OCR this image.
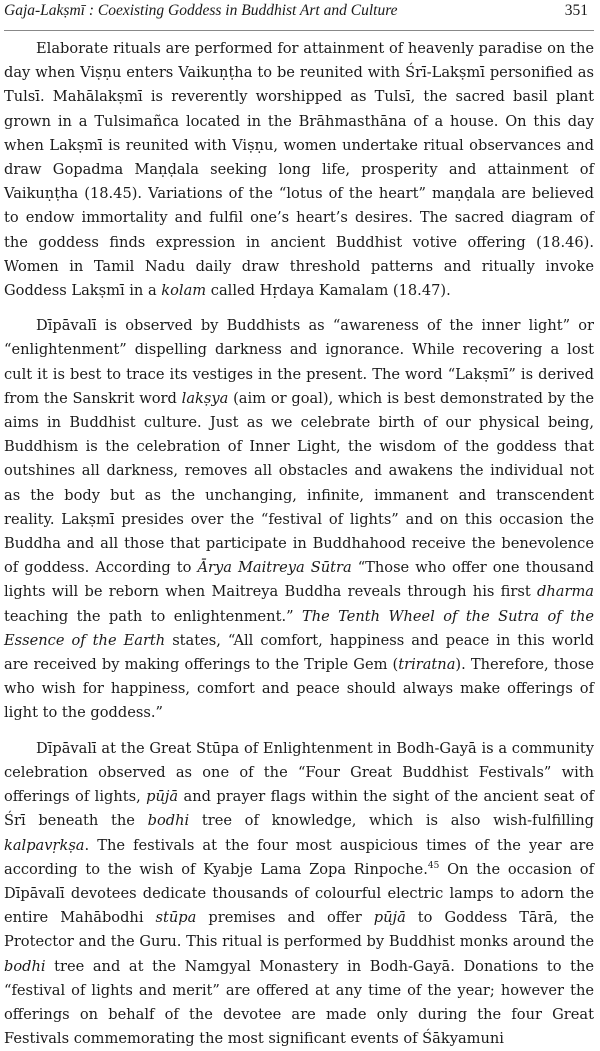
Gaja-Lakṣmī : Coexisting Goddess in Buddhist Art and Culture	351

Elaborate rituals are performed for attainment of heavenly paradise on the day when Viṣṇu enters Vaikuṇṭha to be reunited with Śrī-Lakṣmī personified as Tulsī. Mahālakṣmī is reverently worshipped as Tulsī, the sacred basil plant grown in a Tulsimañca located in the Brāhmasthāna of a house. On this day when Lakṣmī is reunited with Viṣṇu, women undertake ritual observances and draw Gopadma Maṇḍala seeking long life, prosperity and attainment of Vaikuṇṭha (18.45). Variations of the “lotus of the heart” maṇḍala are believed to endow immortality and fulfil one’s heart’s desires. The sacred diagram of the goddess finds expression in ancient Buddhist votive offering (18.46). Women in Tamil Nadu daily draw threshold patterns and ritually invoke Goddess Lakṣmī in a kolam called Hṛdaya Kamalam (18.47).

Dīpāvalī is observed by Buddhists as “awareness of the inner light” or “enlightenment” dispelling darkness and ignorance. While recovering a lost cult it is best to trace its vestiges in the present. The word “Lakṣmī” is derived from the Sanskrit word lakṣya (aim or goal), which is best demonstrated by the aims in Buddhist culture. Just as we celebrate birth of our physical being, Buddhism is the celebration of Inner Light, the wisdom of the goddess that outshines all darkness, removes all obstacles and awakens the individual not as the body but as the unchanging, infinite, immanent and transcendent reality. Lakṣmī presides over the “festival of lights” and on this occasion the Buddha and all those that participate in Buddhahood receive the benevolence of goddess. According to Ārya Maitreya Sūtra “Those who offer one thousand lights will be reborn when Maitreya Buddha reveals through his first dharma teaching the path to enlightenment.” The Tenth Wheel of the Sutra of the Essence of the Earth states, “All comfort, happiness and peace in this world are received by making offerings to the Triple Gem (triratna). Therefore, those who wish for happiness, comfort and peace should always make offerings of light to the goddess.”

Dīpāvalī at the Great Stūpa of Enlightenment in Bodh-Gayā is a community celebration observed as one of the “Four Great Buddhist Festivals” with offerings of lights, pūjā and prayer flags within the sight of the ancient seat of Śrī beneath the bodhi tree of knowledge, which is also wish-fulfilling kalpavṛkṣa. The festivals at the four most auspicious times of the year are according to the wish of Kyabje Lama Zopa Rinpoche.$^{45}$ On the occasion of Dīpāvalī devotees dedicate thousands of colourful electric lamps to adorn the entire Mahābodhi stūpa premises and offer pūjā to Goddess Tārā, the Protector and the Guru. This ritual is performed by Buddhist monks around the bodhi tree and at the Namgyal Monastery in Bodh-Gayā. Donations to the “festival of lights and merit” are offered at any time of the year; however the offerings on behalf of the devotee are made only during the four Great Festivals commemorating the most significant events of Śākyamuni
